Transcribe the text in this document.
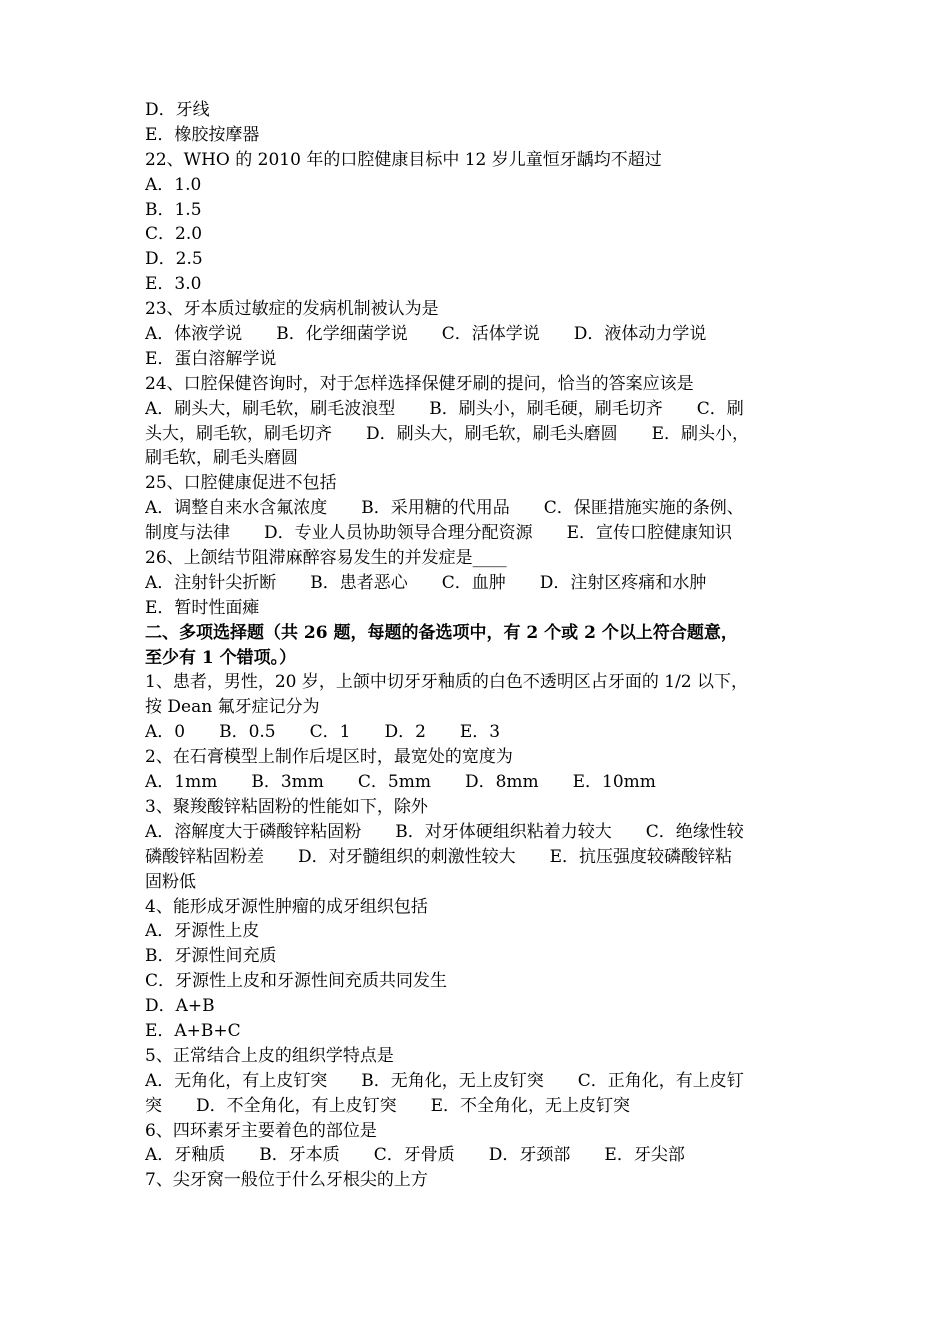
D．牙线
E．橡胶按摩器
22、WHO 的 2010 年的口腔健康目标中 12 岁儿童恒牙龋均不超过
A．1.0
B．1.5
C．2.0
D．2.5
E．3.0
23、牙本质过敏症的发病机制被认为是
A．体液学说　　B．化学细菌学说　　C．活体学说　　D．液体动力学说
E．蛋白溶解学说
24、口腔保健咨询时，对于怎样选择保健牙刷的提问，恰当的答案应该是
A．刷头大，刷毛软，刷毛波浪型　　B．刷头小，刷毛硬，刷毛切齐　　C．刷
头大，刷毛软，刷毛切齐　　D．刷头大，刷毛软，刷毛头磨圆　　E．刷头小，
刷毛软，刷毛头磨圆
25、口腔健康促进不包括
A．调整自来水含氟浓度　　B．采用糖的代用品　　C．保匪措施实施的条例、
制度与法律　　D．专业人员协助领导合理分配资源　　E．宣传口腔健康知识
26、上颌结节阻滞麻醉容易发生的并发症是____
A．注射针尖折断　　B．患者恶心　　C．血肿　　D．注射区疼痛和水肿
E．暂时性面瘫
二、多项选择题（共 26 题，每题的备选项中，有 2 个或 2 个以上符合题意，
至少有 1 个错项。）
1、患者，男性，20 岁，上颌中切牙牙釉质的白色不透明区占牙面的 1/2 以下，
按 Dean 氟牙症记分为
A．0　　B．0.5　　C．1　　D．2　　E．3
2、在石膏模型上制作后堤区时，最宽处的宽度为
A．1mm　　B．3mm　　C．5mm　　D．8mm　　E．10mm
3、聚羧酸锌粘固粉的性能如下，除外
A．溶解度大于磷酸锌粘固粉　　B．对牙体硬组织粘着力较大　　C．绝缘性较
磷酸锌粘固粉差　　D．对牙髓组织的刺激性较大　　E．抗压强度较磷酸锌粘
固粉低
4、能形成牙源性肿瘤的成牙组织包括
A．牙源性上皮
B．牙源性间充质
C．牙源性上皮和牙源性间充质共同发生
D．A+B
E．A+B+C
5、正常结合上皮的组织学特点是
A．无角化，有上皮钉突　　B．无角化，无上皮钉突　　C．正角化，有上皮钉
突　　D．不全角化，有上皮钉突　　E．不全角化，无上皮钉突
6、四环素牙主要着色的部位是
A．牙釉质　　B．牙本质　　C．牙骨质　　D．牙颈部　　E．牙尖部
7、尖牙窝一般位于什么牙根尖的上方
